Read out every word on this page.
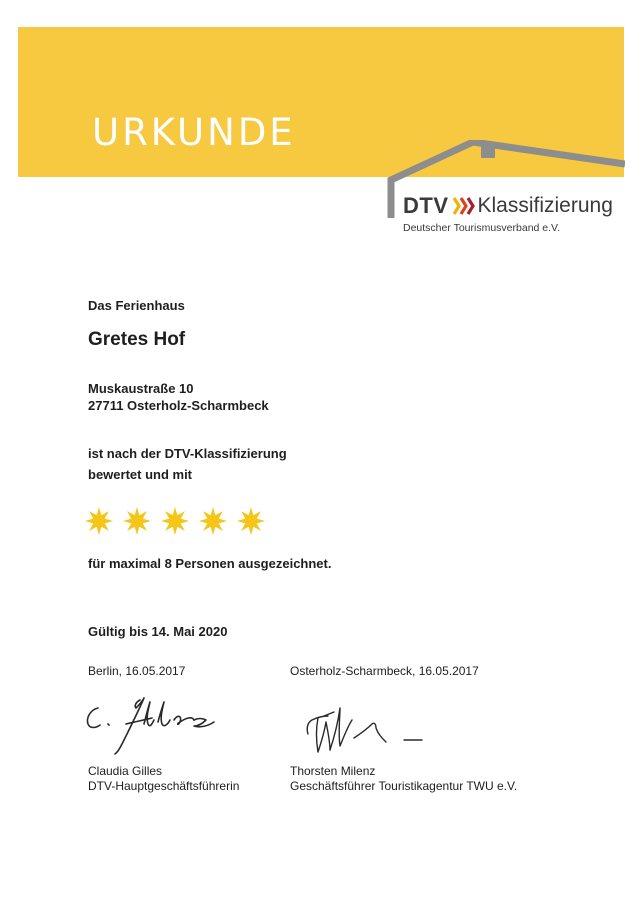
URKUNDE
DTV Klassifizierung
Deutscher Tourismusverband e.V.
Das Ferienhaus
Gretes Hof
Muskaustraße 10
27711 Osterholz-Scharmbeck
ist nach der DTV-Klassifizierung
bewertet und mit
für maximal 8 Personen ausgezeichnet.
Gültig bis 14. Mai 2020
Berlin, 16.05.2017
Claudia Gilles
DTV-Hauptgeschäftsführerin
Osterholz-Scharmbeck, 16.05.2017
Thorsten Milenz
Geschäftsführer Touristikagentur TWU e.V.
